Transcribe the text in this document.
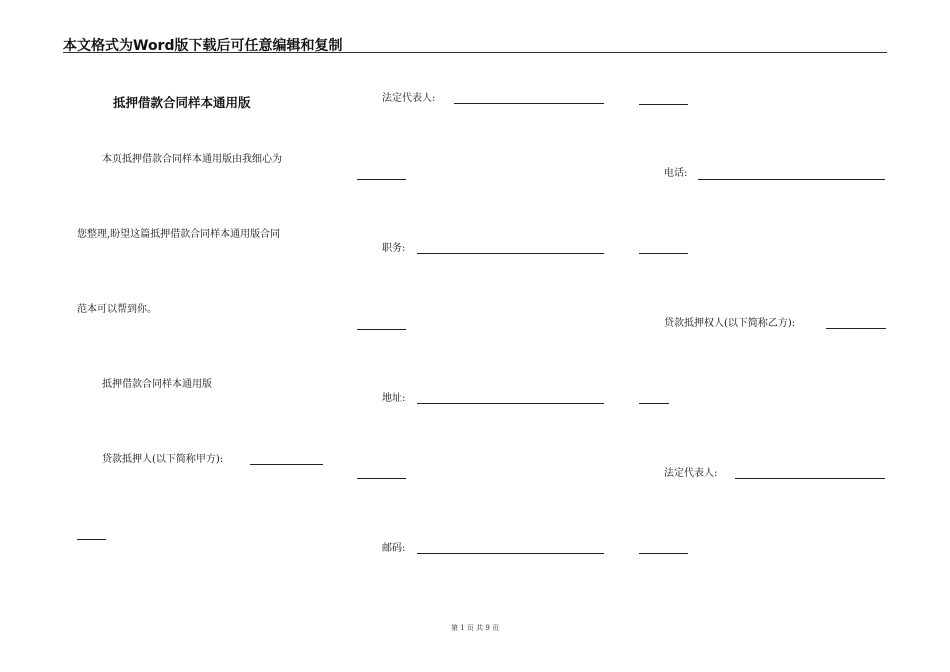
本文格式为Word版下载后可任意编辑和复制
抵押借款合同样本通用版
本页抵押借款合同样本通用版由我细心为
您整理,盼望这篇抵押借款合同样本通用版合同
范本可以帮到你。
抵押借款合同样本通用版
贷款抵押人(以下简称甲方):
法定代表人:
职务:
地址:
邮码:
电话:
贷款抵押权人(以下简称乙方):
法定代表人:
第 1 页 共 9 页
